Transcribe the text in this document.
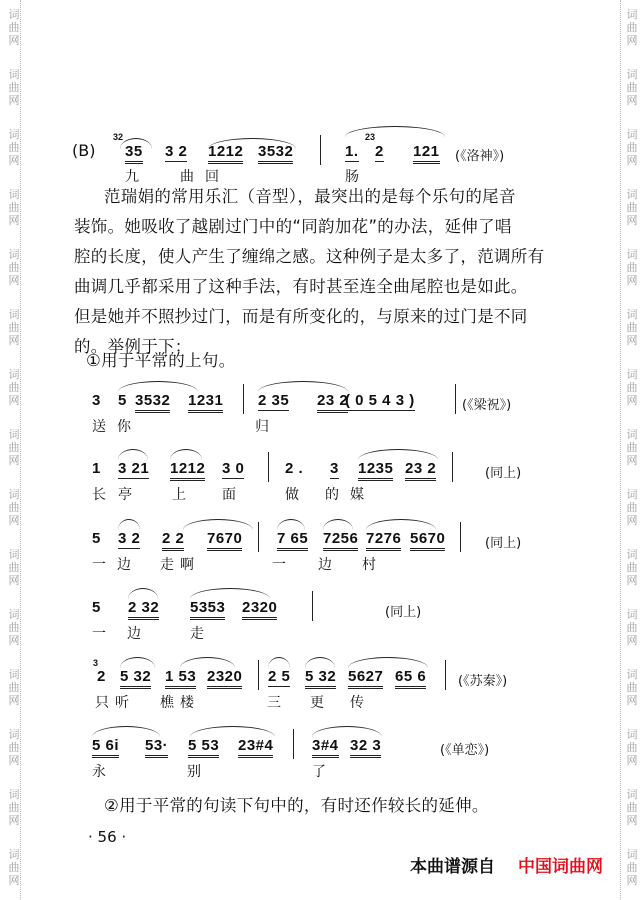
词曲网
词曲网
词曲网
词曲网
词曲网
词曲网
词曲网
词曲网
词曲网
词曲网
词曲网
词曲网
词曲网
词曲网
词曲网
词曲网
词曲网
词曲网
词曲网
词曲网
词曲网
词曲网
词曲网
词曲网
词曲网
词曲网
词曲网
词曲网
词曲网
词曲网
(B)
32
35 3 2 1212 3532	1.
23
2 121 (《洛神》)
九	曲 回	肠
范瑞娟的常用乐汇（音型），最突出的是每个乐句的尾音
装饰。她吸收了越剧过门中的“同韵加花”的办法，延伸了唱
腔的长度，使人产生了缠绵之感。这种例子是太多了，范调所有
曲调几乎都采用了这种手法，有时甚至连全曲尾腔也是如此。
但是她并不照抄过门，而是有所变化的，与原来的过门是不同
的。举例于下：
①用于平常的上句。
3 5 3532 1231 2 35 23 2
( 0 5 4 3 )
送 你	归
(《梁祝》)
1 3 21 1212 3 0	2 . 3 1235 23 2
长 亭 上 面	做 的 媒
(同上)
5 3 2 2 2 7670 7 65 7256 7276 5670
一 边 走啊	一 边 村
(同上)
5 2 32 5353 2320
一 边	走
(同上)
2 5 32 1 53 2320 2 5 5 32 5627 65 6
只听 樵楼	三 更 传
(《苏秦》)
3
5 6i 53· 5 53 23#4	3#4 32 3
永	别	了
(《单恋》)
②用于平常的句读下句中的，有时还作较长的延伸。
· 56 ·
本曲谱源自 中国词曲网
